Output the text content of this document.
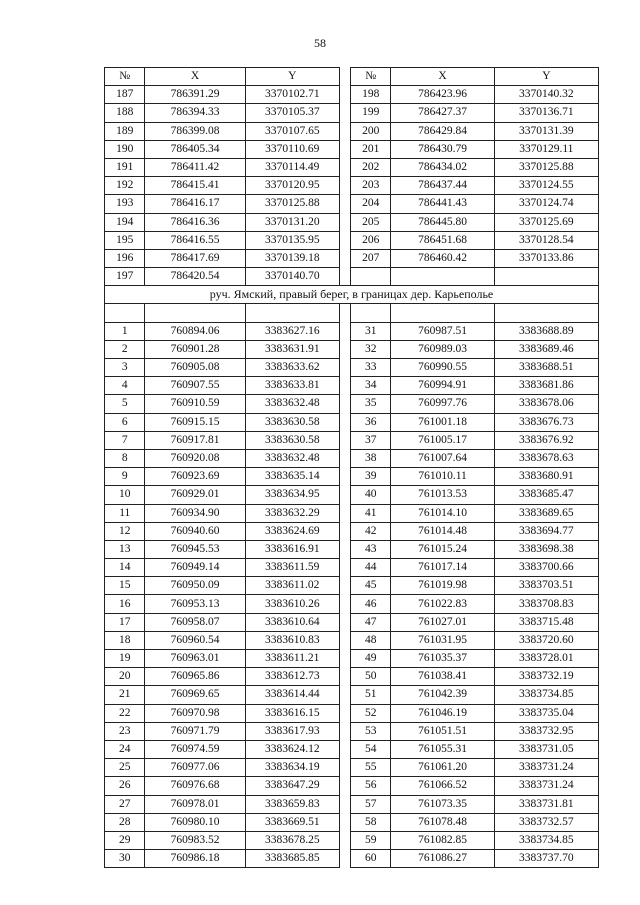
58
№	X	Y		№	X	Y
187	786391.29	3370102.71		198	786423.96	3370140.32
188	786394.33	3370105.37		199	786427.37	3370136.71
189	786399.08	3370107.65		200	786429.84	3370131.39
190	786405.34	3370110.69		201	786430.79	3370129.11
191	786411.42	3370114.49		202	786434.02	3370125.88
192	786415.41	3370120.95		203	786437.44	3370124.55
193	786416.17	3370125.88		204	786441.43	3370124.74
194	786416.36	3370131.20		205	786445.80	3370125.69
195	786416.55	3370135.95		206	786451.68	3370128.54
196	786417.69	3370139.18		207	786460.42	3370133.86
197	786420.54	3370140.70				
руч. Ямский, правый берег, в границах дер. Карьеполье						

1	760894.06	3383627.16		31	760987.51	3383688.89
2	760901.28	3383631.91		32	760989.03	3383689.46
3	760905.08	3383633.62		33	760990.55	3383688.51
4	760907.55	3383633.81		34	760994.91	3383681.86
5	760910.59	3383632.48		35	760997.76	3383678.06
6	760915.15	3383630.58		36	761001.18	3383676.73
7	760917.81	3383630.58		37	761005.17	3383676.92
8	760920.08	3383632.48		38	761007.64	3383678.63
9	760923.69	3383635.14		39	761010.11	3383680.91
10	760929.01	3383634.95		40	761013.53	3383685.47
11	760934.90	3383632.29		41	761014.10	3383689.65
12	760940.60	3383624.69		42	761014.48	3383694.77
13	760945.53	3383616.91		43	761015.24	3383698.38
14	760949.14	3383611.59		44	761017.14	3383700.66
15	760950.09	3383611.02		45	761019.98	3383703.51
16	760953.13	3383610.26		46	761022.83	3383708.83
17	760958.07	3383610.64		47	761027.01	3383715.48
18	760960.54	3383610.83		48	761031.95	3383720.60
19	760963.01	3383611.21		49	761035.37	3383728.01
20	760965.86	3383612.73		50	761038.41	3383732.19
21	760969.65	3383614.44		51	761042.39	3383734.85
22	760970.98	3383616.15		52	761046.19	3383735.04
23	760971.79	3383617.93		53	761051.51	3383732.95
24	760974.59	3383624.12		54	761055.31	3383731.05
25	760977.06	3383634.19		55	761061.20	3383731.24
26	760976.68	3383647.29		56	761066.52	3383731.24
27	760978.01	3383659.83		57	761073.35	3383731.81
28	760980.10	3383669.51		58	761078.48	3383732.57
29	760983.52	3383678.25		59	761082.85	3383734.85
30	760986.18	3383685.85		60	761086.27	3383737.70
